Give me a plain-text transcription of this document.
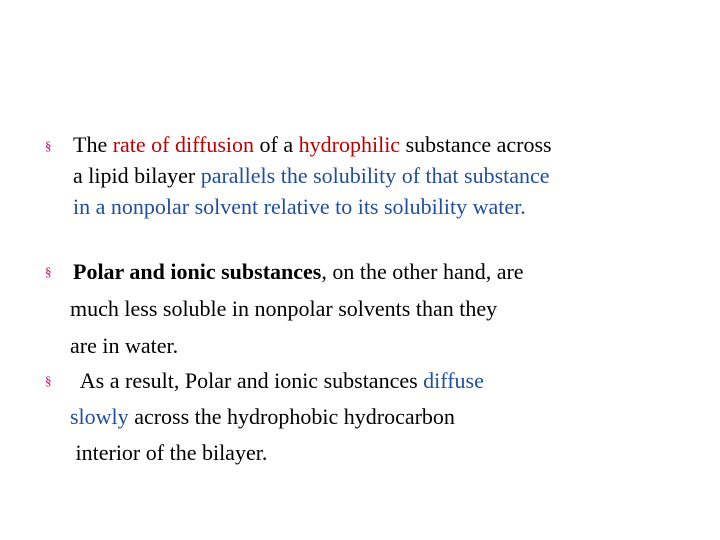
§ The rate of diffusion of a hydrophilic substance across
a lipid bilayer parallels the solubility of that substance
in a nonpolar solvent relative to its solubility water.
§ Polar and ionic substances, on the other hand, are
much less soluble in nonpolar solvents than they
are in water.
§ As a result, Polar and ionic substances diffuse
slowly across the hydrophobic hydrocarbon
interior of the bilayer.
